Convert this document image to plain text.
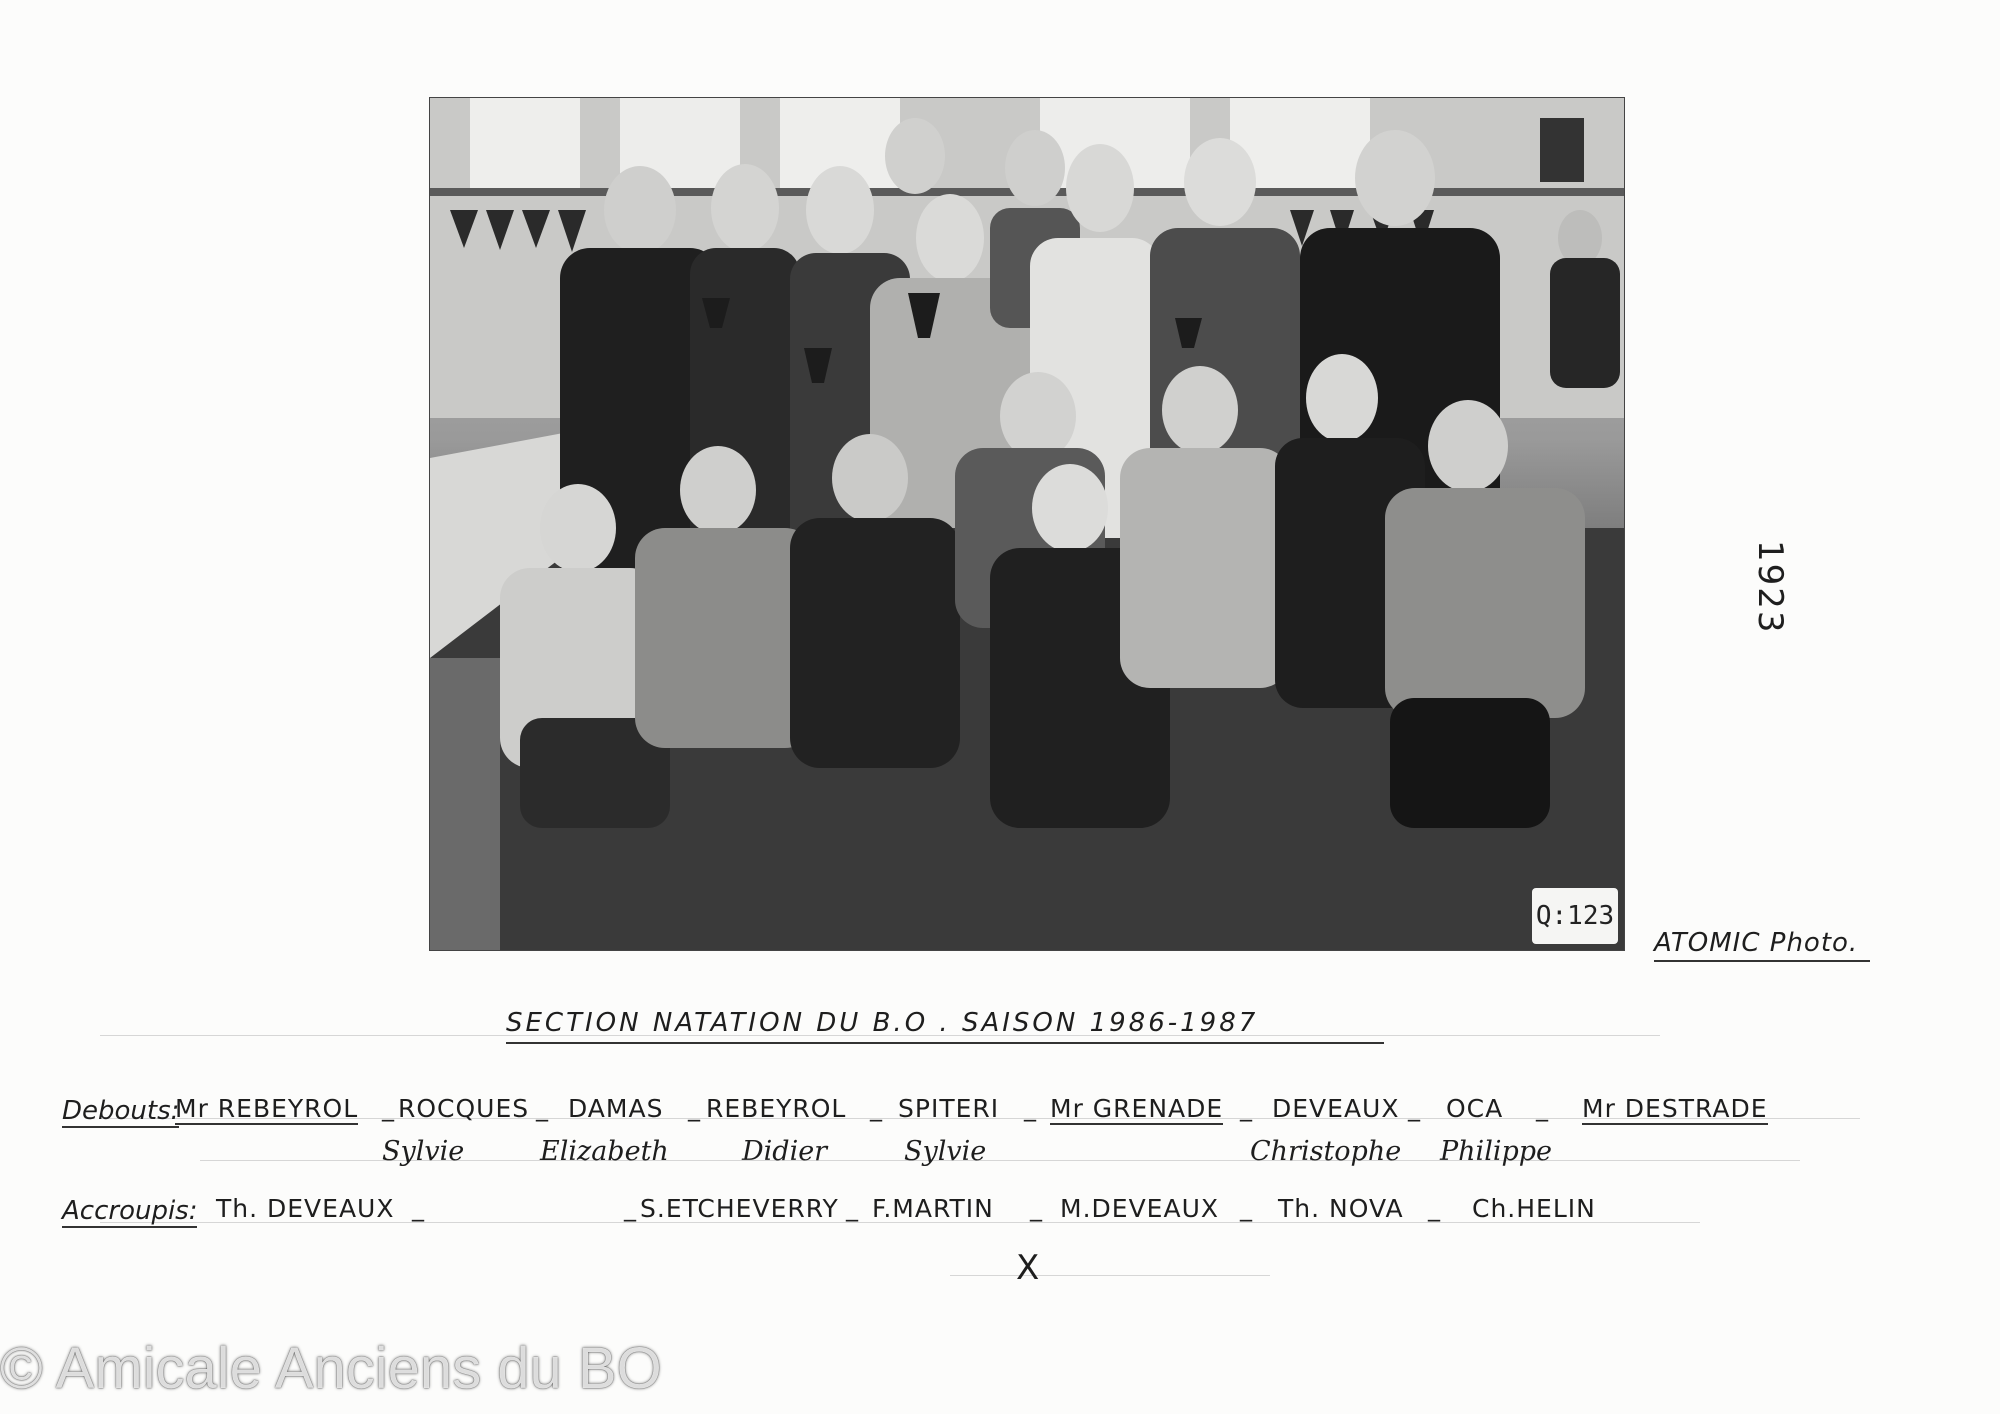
Q:123
ATOMIC Photo.
1923
SECTION NATATION DU B.O . SAISON 1986-1987
Debouts:
Mr REBEYROL _ ROCQUES _ DAMAS _ REBEYROL _ SPITERI _ Mr GRENADE _ DEVEAUX _ OCA _ Mr DESTRADE
Sylvie	Elizabeth	Didier	Sylvie	Christophe Philippe
Accroupis: Th. DEVEAUX _	_ S.ETCHEVERRY _ F.MARTIN _ M.DEVEAUX _ Th. NOVA _ Ch.HELIN
X
© Amicale Anciens du BO
